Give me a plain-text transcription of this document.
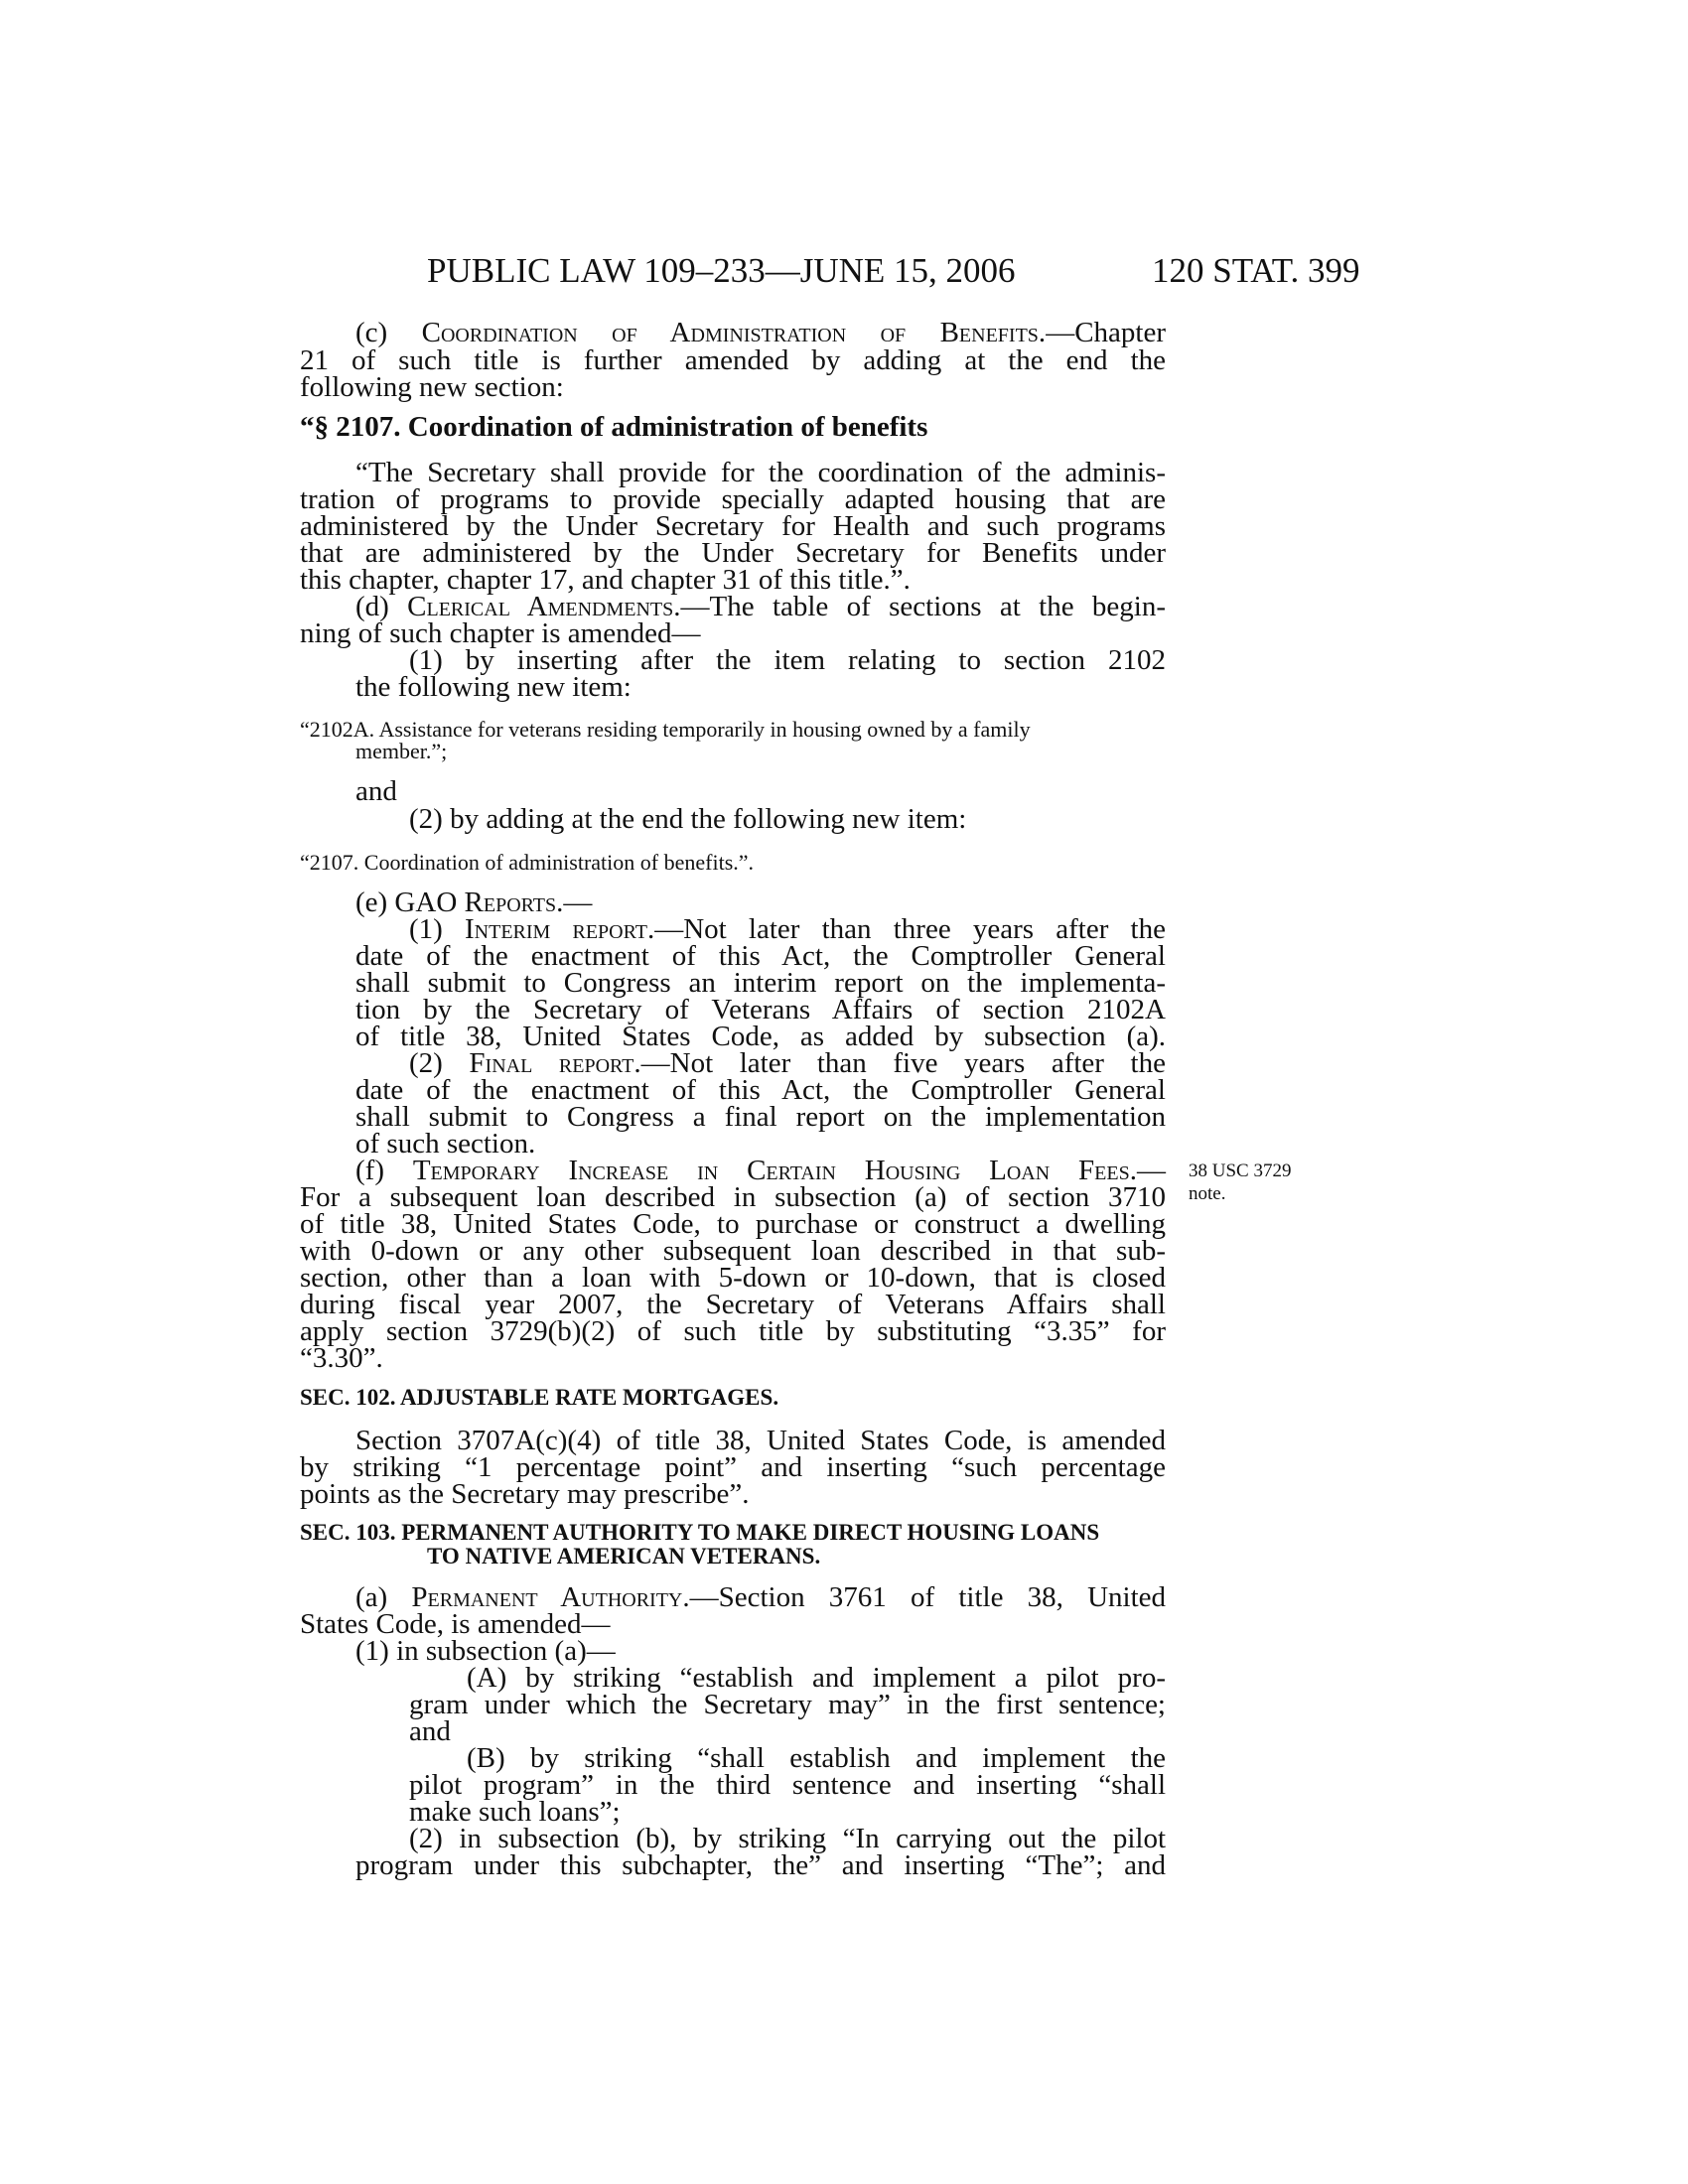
PUBLIC LAW 109–233—JUNE 15, 2006	120 STAT. 399
(c) Coordination of Administration of Benefits.—Chapter
21 of such title is further amended by adding at the end the
following new section:
“§ 2107. Coordination of administration of benefits
“The Secretary shall provide for the coordination of the adminis-
tration of programs to provide specially adapted housing that are
administered by the Under Secretary for Health and such programs
that are administered by the Under Secretary for Benefits under
this chapter, chapter 17, and chapter 31 of this title.”.
(d) Clerical Amendments.—The table of sections at the begin-
ning of such chapter is amended—
(1) by inserting after the item relating to section 2102
the following new item:
“2102A. Assistance for veterans residing temporarily in housing owned by a family
member.”;
and
(2) by adding at the end the following new item:
“2107. Coordination of administration of benefits.”.
(e) GAO Reports.—
(1) Interim report.—Not later than three years after the
date of the enactment of this Act, the Comptroller General
shall submit to Congress an interim report on the implementa-
tion by the Secretary of Veterans Affairs of section 2102A
of title 38, United States Code, as added by subsection (a).
(2) Final report.—Not later than five years after the
date of the enactment of this Act, the Comptroller General
shall submit to Congress a final report on the implementation
of such section.
(f) Temporary Increase in Certain Housing Loan Fees.— 38 USC 3729
note.
For a subsequent loan described in subsection (a) of section 3710
of title 38, United States Code, to purchase or construct a dwelling
with 0-down or any other subsequent loan described in that sub-
section, other than a loan with 5-down or 10-down, that is closed
during fiscal year 2007, the Secretary of Veterans Affairs shall
apply section 3729(b)(2) of such title by substituting “3.35” for
“3.30”.
SEC. 102. ADJUSTABLE RATE MORTGAGES.
Section 3707A(c)(4) of title 38, United States Code, is amended
by striking “1 percentage point” and inserting “such percentage
points as the Secretary may prescribe”.
SEC. 103. PERMANENT AUTHORITY TO MAKE DIRECT HOUSING LOANS
TO NATIVE AMERICAN VETERANS.
(a) Permanent Authority.—Section 3761 of title 38, United
States Code, is amended—
(1) in subsection (a)—
(A) by striking “establish and implement a pilot pro-
gram under which the Secretary may” in the first sentence;
and
(B) by striking “shall establish and implement the
pilot program” in the third sentence and inserting “shall
make such loans”;
(2) in subsection (b), by striking “In carrying out the pilot
program under this subchapter, the” and inserting “The”; and
